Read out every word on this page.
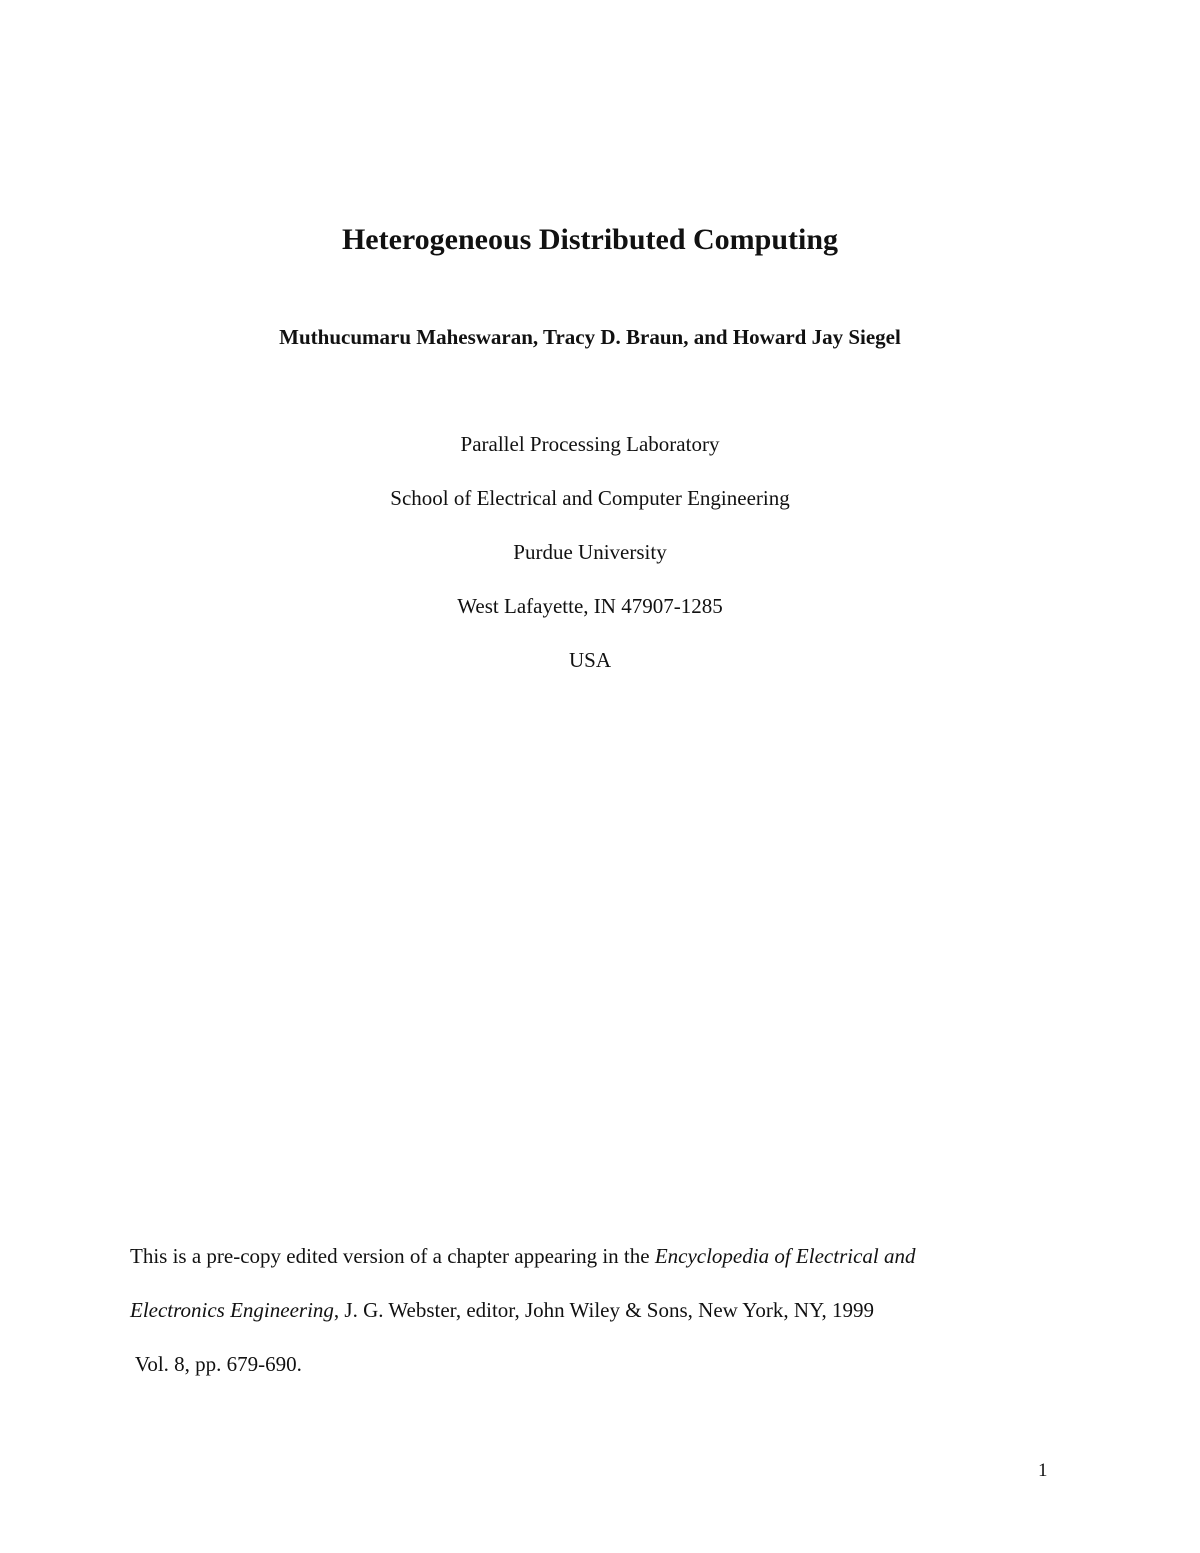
Heterogeneous Distributed Computing
Muthucumaru Maheswaran, Tracy D. Braun, and Howard Jay Siegel
Parallel Processing Laboratory
School of Electrical and Computer Engineering
Purdue University
West Lafayette, IN 47907-1285
USA
This is a pre-copy edited version of a chapter appearing in the Encyclopedia of Electrical and
Electronics Engineering, J. G. Webster, editor, John Wiley & Sons, New York, NY, 1999
Vol. 8, pp. 679-690.
1
